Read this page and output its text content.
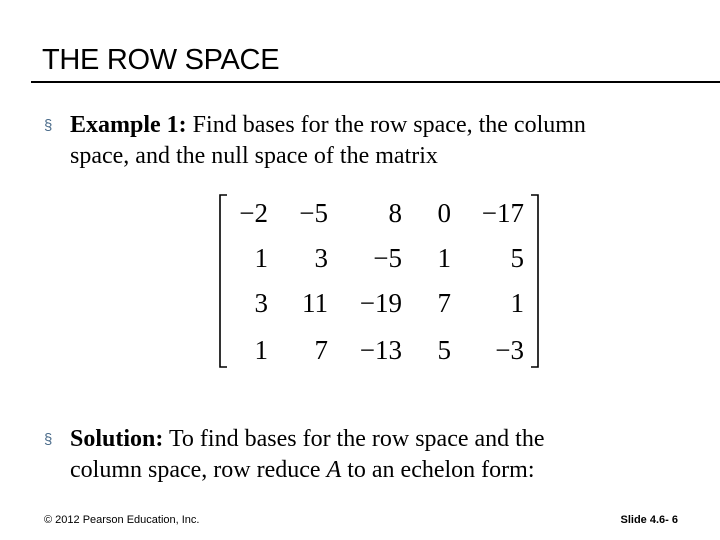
THE ROW SPACE
§ Example 1: Find bases for the row space, the column
space, and the null space of the matrix
−2 −5 8 0 −17
1 3 −5 1 5
3 11 −19 7 1
1 7 −13 5 −3
§ Solution: To find bases for the row space and the
column space, row reduce A to an echelon form:
© 2012 Pearson Education, Inc.	Slide 4.6- 6
